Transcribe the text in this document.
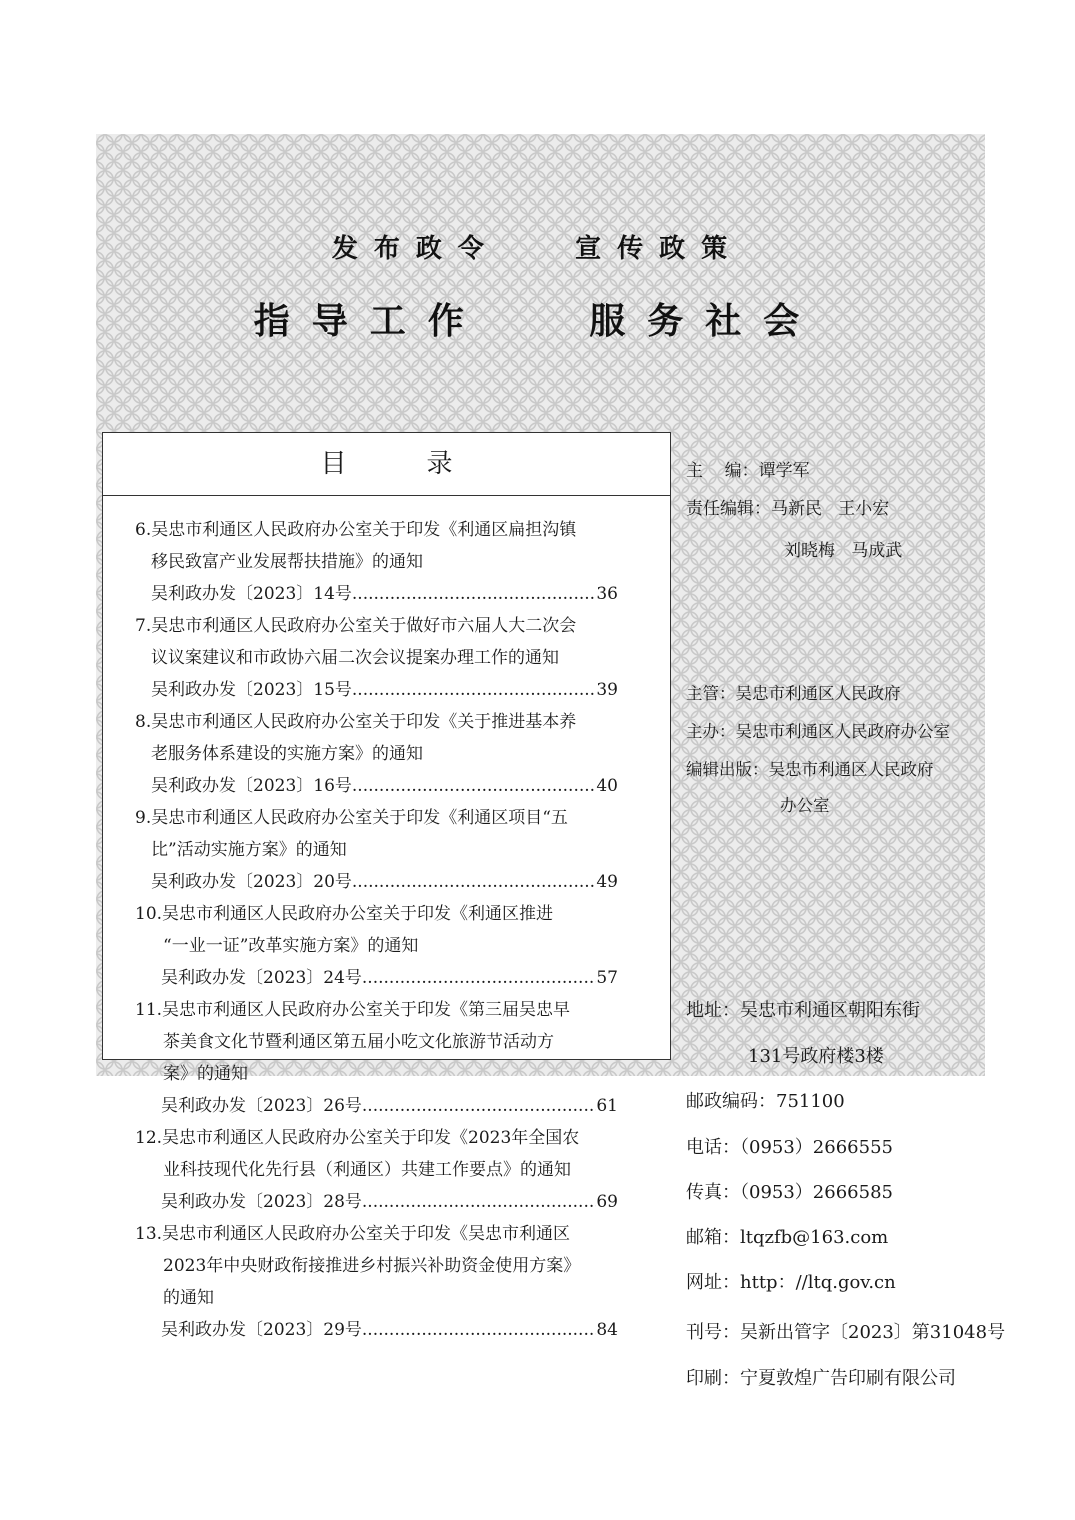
发布政令   宣传政策
指导工作   服务社会
目录
6.吴忠市利通区人民政府办公室关于印发《利通区扁担沟镇
移民致富产业发展帮扶措施》的通知
吴利政办发〔2023〕14号 .....	36
7.吴忠市利通区人民政府办公室关于做好市六届人大二次会
议议案建议和市政协六届二次会议提案办理工作的通知
吴利政办发〔2023〕15号 .....	39
8.吴忠市利通区人民政府办公室关于印发《关于推进基本养
老服务体系建设的实施方案》的通知
吴利政办发〔2023〕16号 .....	40
9.吴忠市利通区人民政府办公室关于印发《利通区项目“五
比”活动实施方案》的通知
吴利政办发〔2023〕20号 .....	49
10.吴忠市利通区人民政府办公室关于印发《利通区推进
“一业一证”改革实施方案》的通知
吴利政办发〔2023〕24号 .....	57
11.吴忠市利通区人民政府办公室关于印发《第三届吴忠早
茶美食文化节暨利通区第五届小吃文化旅游节活动方
案》的通知
吴利政办发〔2023〕26号 .....	61
12.吴忠市利通区人民政府办公室关于印发《2023年全国农
业科技现代化先行县（利通区）共建工作要点》的通知
吴利政办发〔2023〕28号 .....	69
13.吴忠市利通区人民政府办公室关于印发《吴忠市利通区
2023年中央财政衔接推进乡村振兴补助资金使用方案》
的通知
吴利政办发〔2023〕29号 .....	84
主    编：谭学军
责任编辑：马新民   王小宏
刘晓梅   马成武
主管：吴忠市利通区人民政府
主办：吴忠市利通区人民政府办公室
编辑出版：吴忠市利通区人民政府
办公室
地址：吴忠市利通区朝阳东街
131号政府楼3楼
邮政编码：751100
电话：（0953）2666555
传真：（0953）2666585
邮箱：ltqzfb@163.com
网址：http：//ltq.gov.cn
刊号：吴新出管字〔2023〕第31048号
印刷：宁夏敦煌广告印刷有限公司
